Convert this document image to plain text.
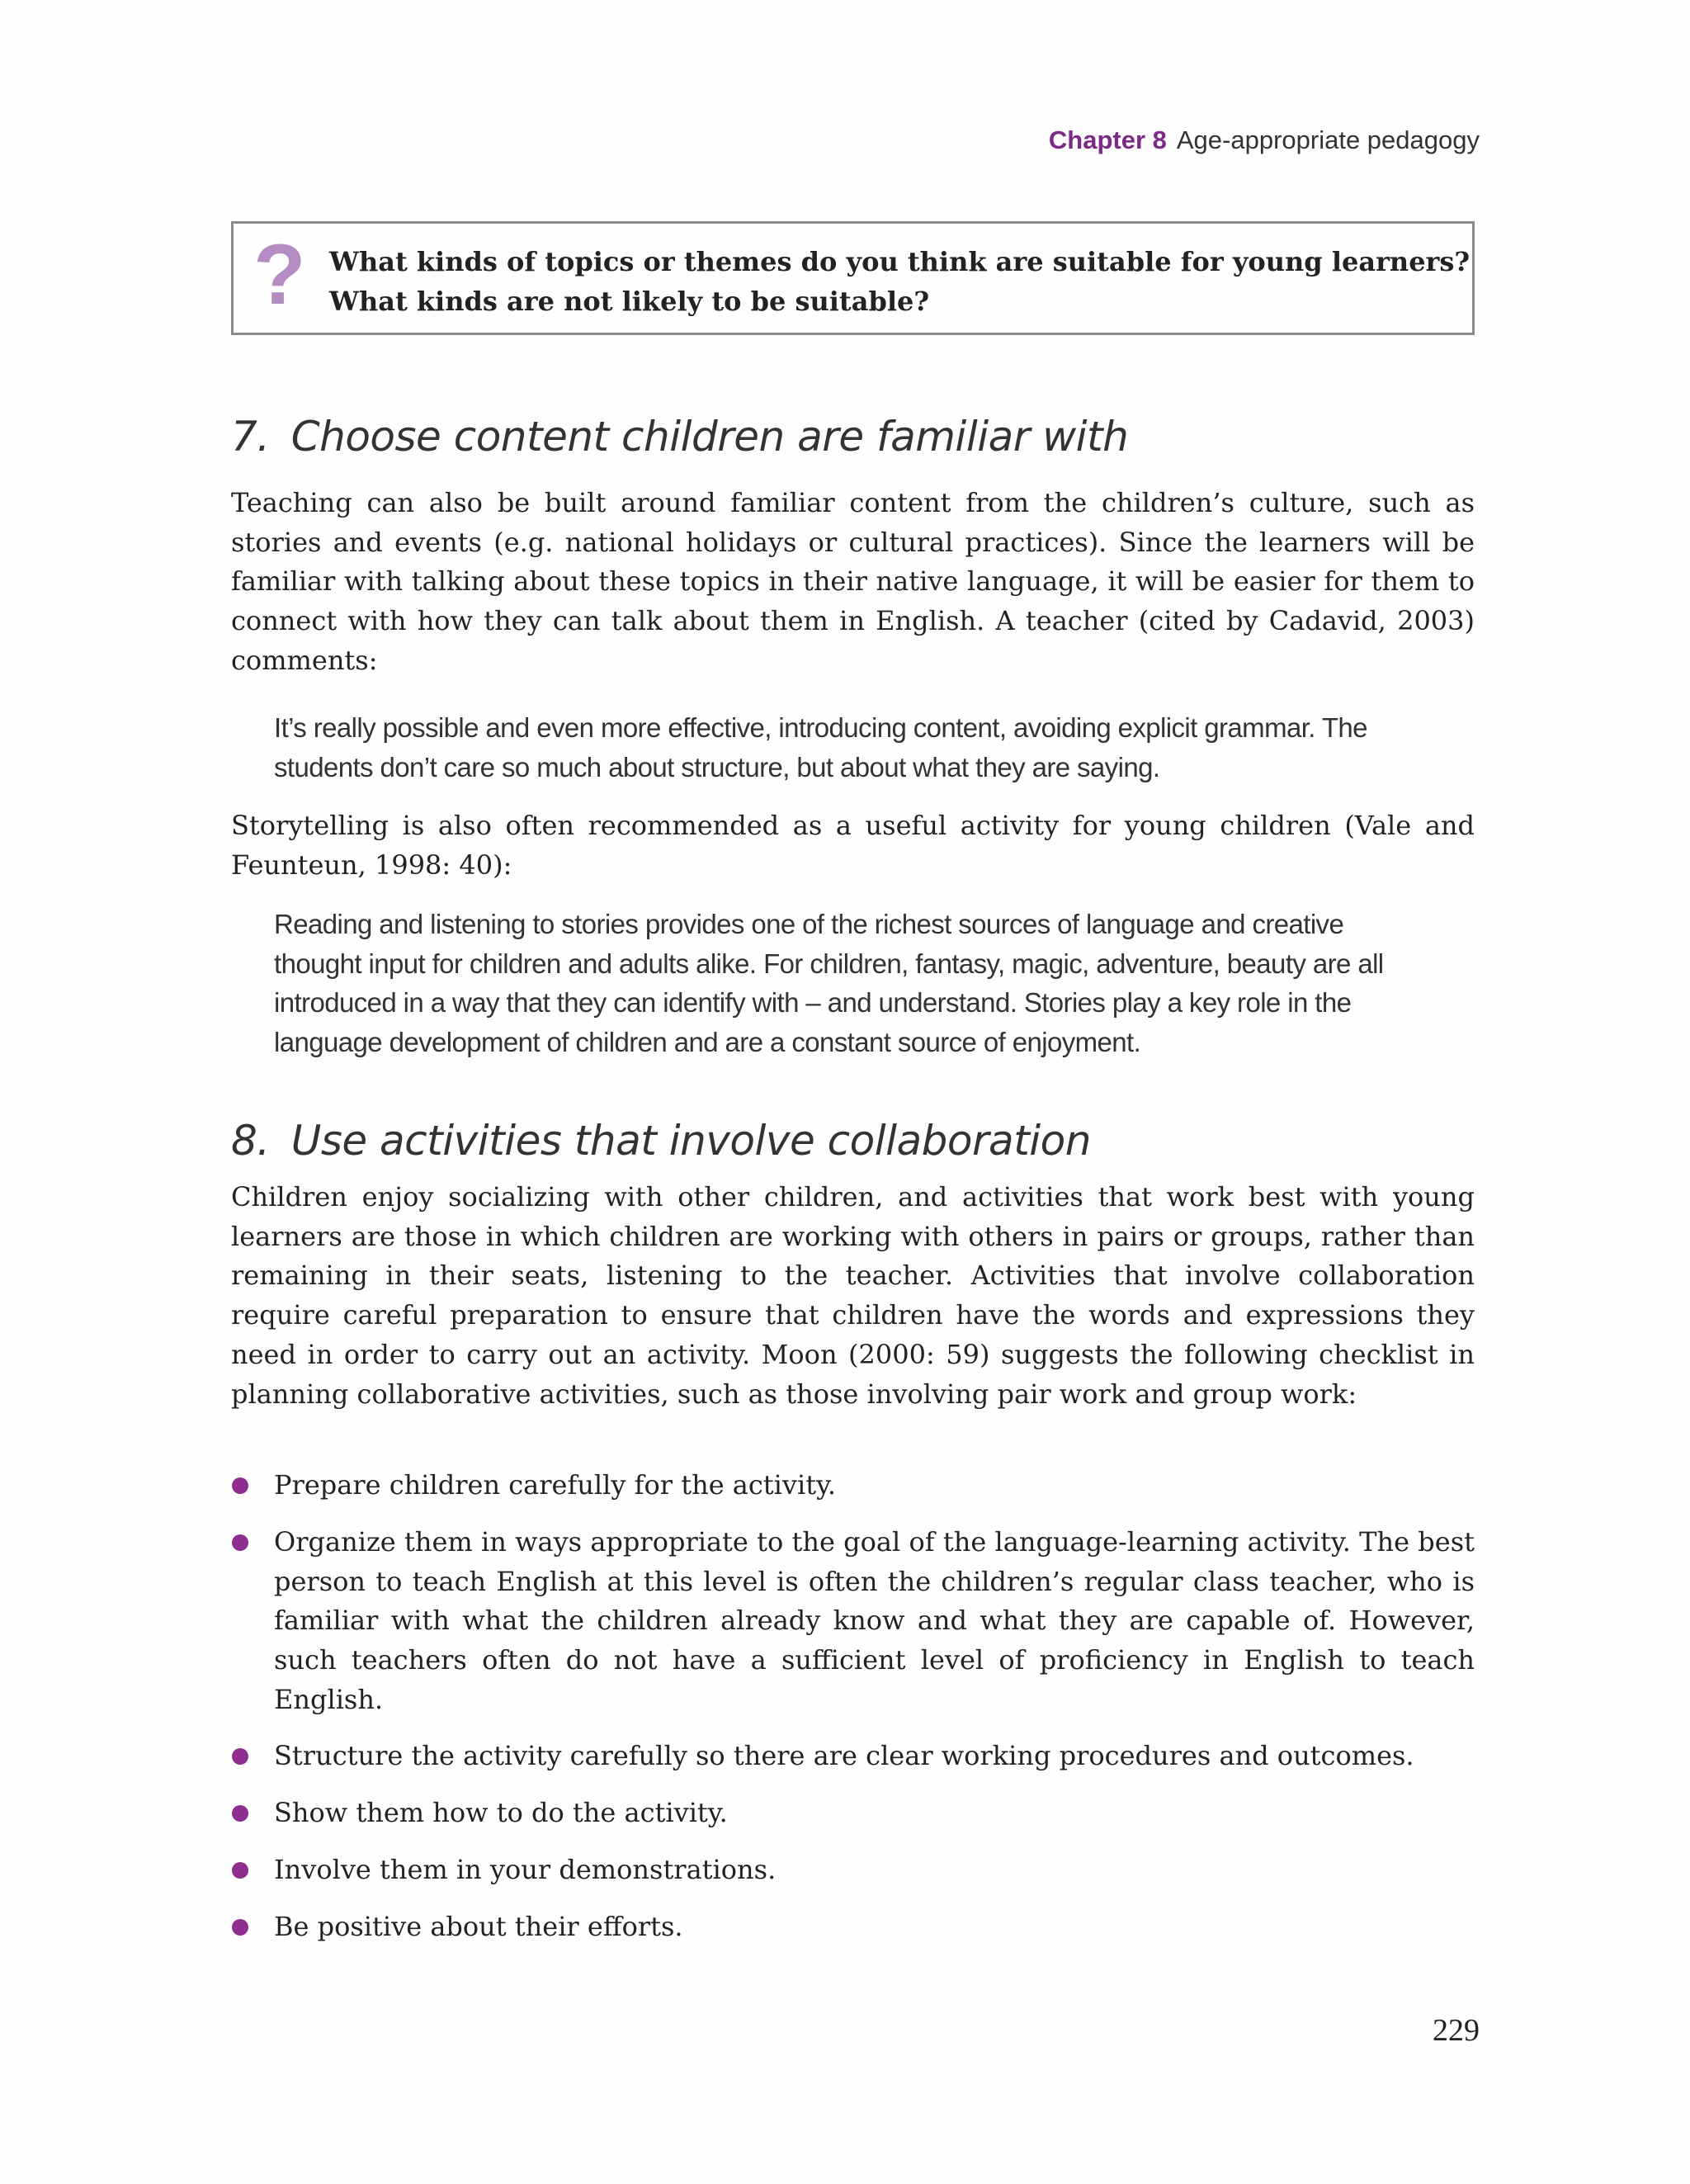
Chapter 8 Age-appropriate pedagogy
? What kinds of topics or themes do you think are suitable for young learners?
What kinds are not likely to be suitable?
7. Choose content children are familiar with

Teaching can also be built around familiar content from the children’s culture, such as stories and events (e.g. national holidays or cultural practices). Since the learners will be familiar with talking about these topics in their native language, it will be easier for them to connect with how they can talk about them in English. A teacher (cited by Cadavid, 2003) comments:

It’s really possible and even more effective, introducing content, avoiding explicit grammar. The students don’t care so much about structure, but about what they are saying.

Storytelling is also often recommended as a useful activity for young children (Vale and Feunteun, 1998: 40):

Reading and listening to stories provides one of the richest sources of language and creative thought input for children and adults alike. For children, fantasy, magic, adventure, beauty are all introduced in a way that they can identify with – and understand. Stories play a key role in the language development of children and are a constant source of enjoyment.

8. Use activities that involve collaboration

Children enjoy socializing with other children, and activities that work best with young learners are those in which children are working with others in pairs or groups, rather than remaining in their seats, listening to the teacher. Activities that involve collaboration require careful preparation to ensure that children have the words and expressions they need in order to carry out an activity. Moon (2000: 59) suggests the following checklist in planning collaborative activities, such as those involving pair work and group work:

Prepare children carefully for the activity.
Organize them in ways appropriate to the goal of the language-learning activity. The best person to teach English at this level is often the children’s regular class teacher, who is familiar with what the children already know and what they are capable of. However, such teachers often do not have a sufficient level of proficiency in English to teach English.
Structure the activity carefully so there are clear working procedures and outcomes.
Show them how to do the activity.
Involve them in your demonstrations.
Be positive about their efforts.
229
